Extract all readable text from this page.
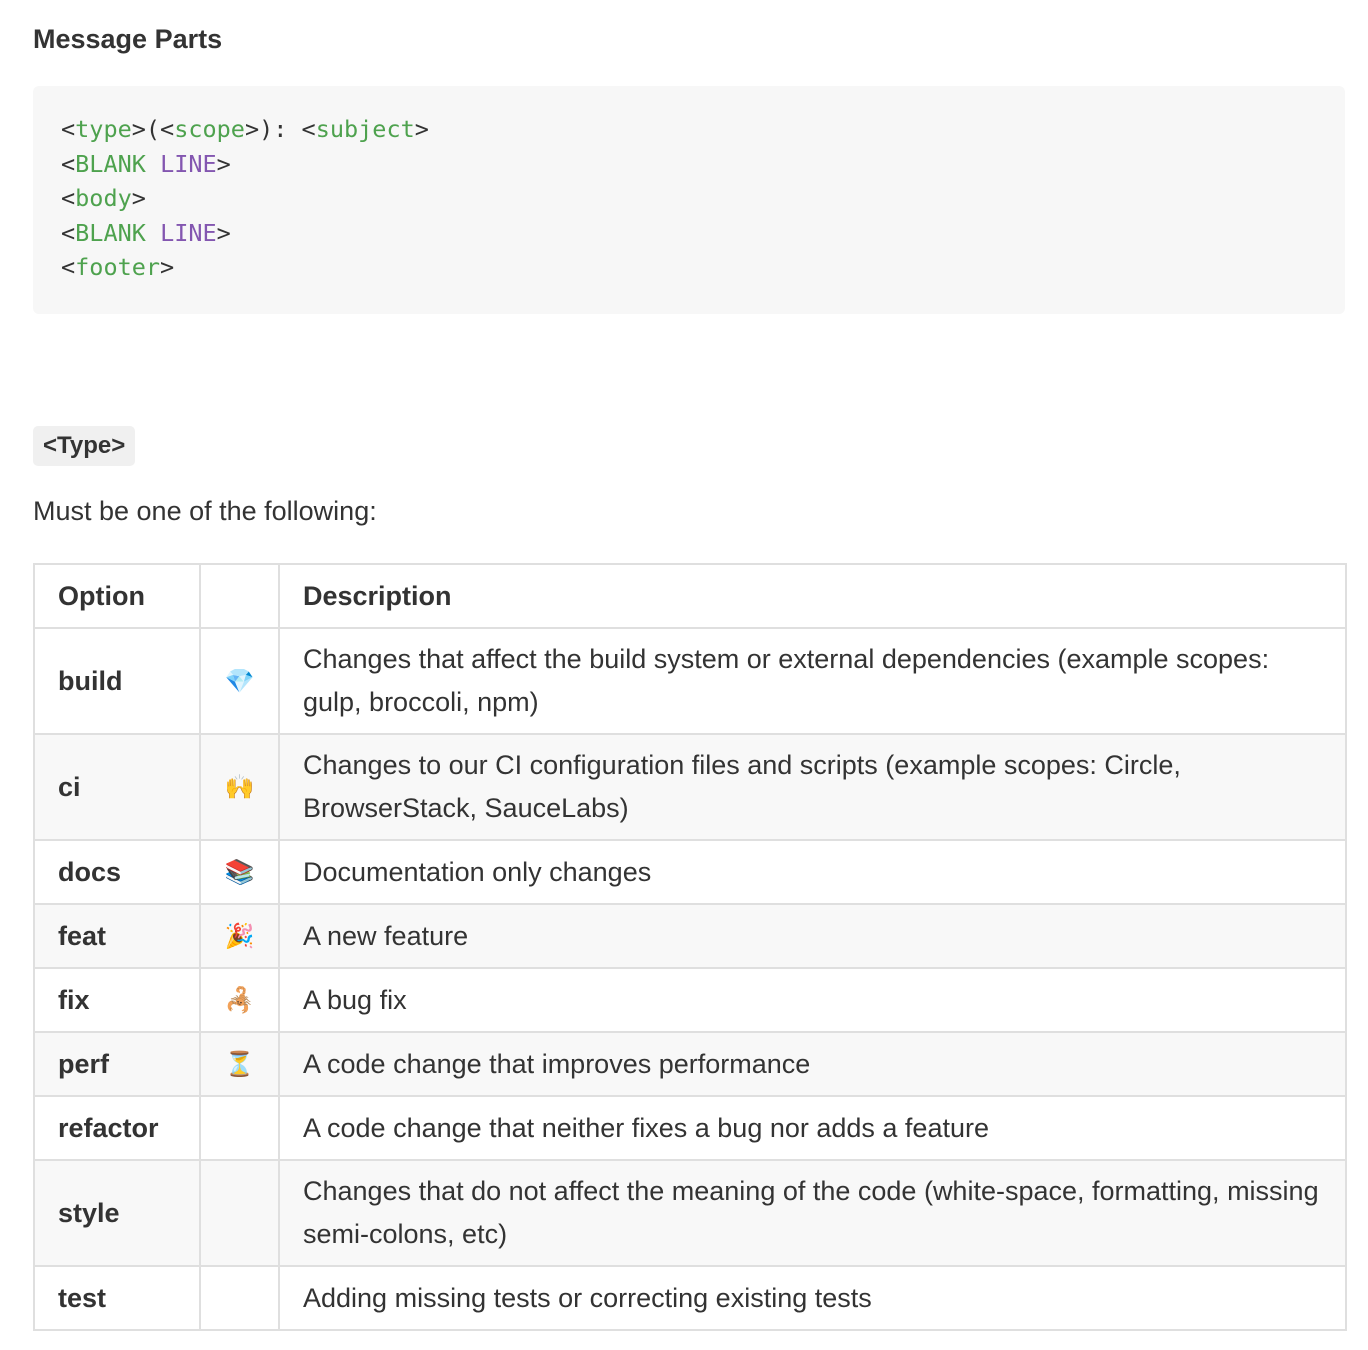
Message Parts
<type>(<scope>): <subject>
<BLANK LINE>
<body>
<BLANK LINE>
<footer>
<Type>

Must be one of the following:

Option		Description
build	💎	Changes that affect the build system or external dependencies (example scopes: gulp, broccoli, npm)
ci	🙌	Changes to our CI configuration files and scripts (example scopes: Circle, BrowserStack, SauceLabs)
docs	📚	Documentation only changes
feat	🎉	A new feature
fix	🦂	A bug fix
perf	⏳	A code change that improves performance
refactor		A code change that neither fixes a bug nor adds a feature
style		Changes that do not affect the meaning of the code (white-space, formatting, missing semi-colons, etc)
test		Adding missing tests or correcting existing tests
